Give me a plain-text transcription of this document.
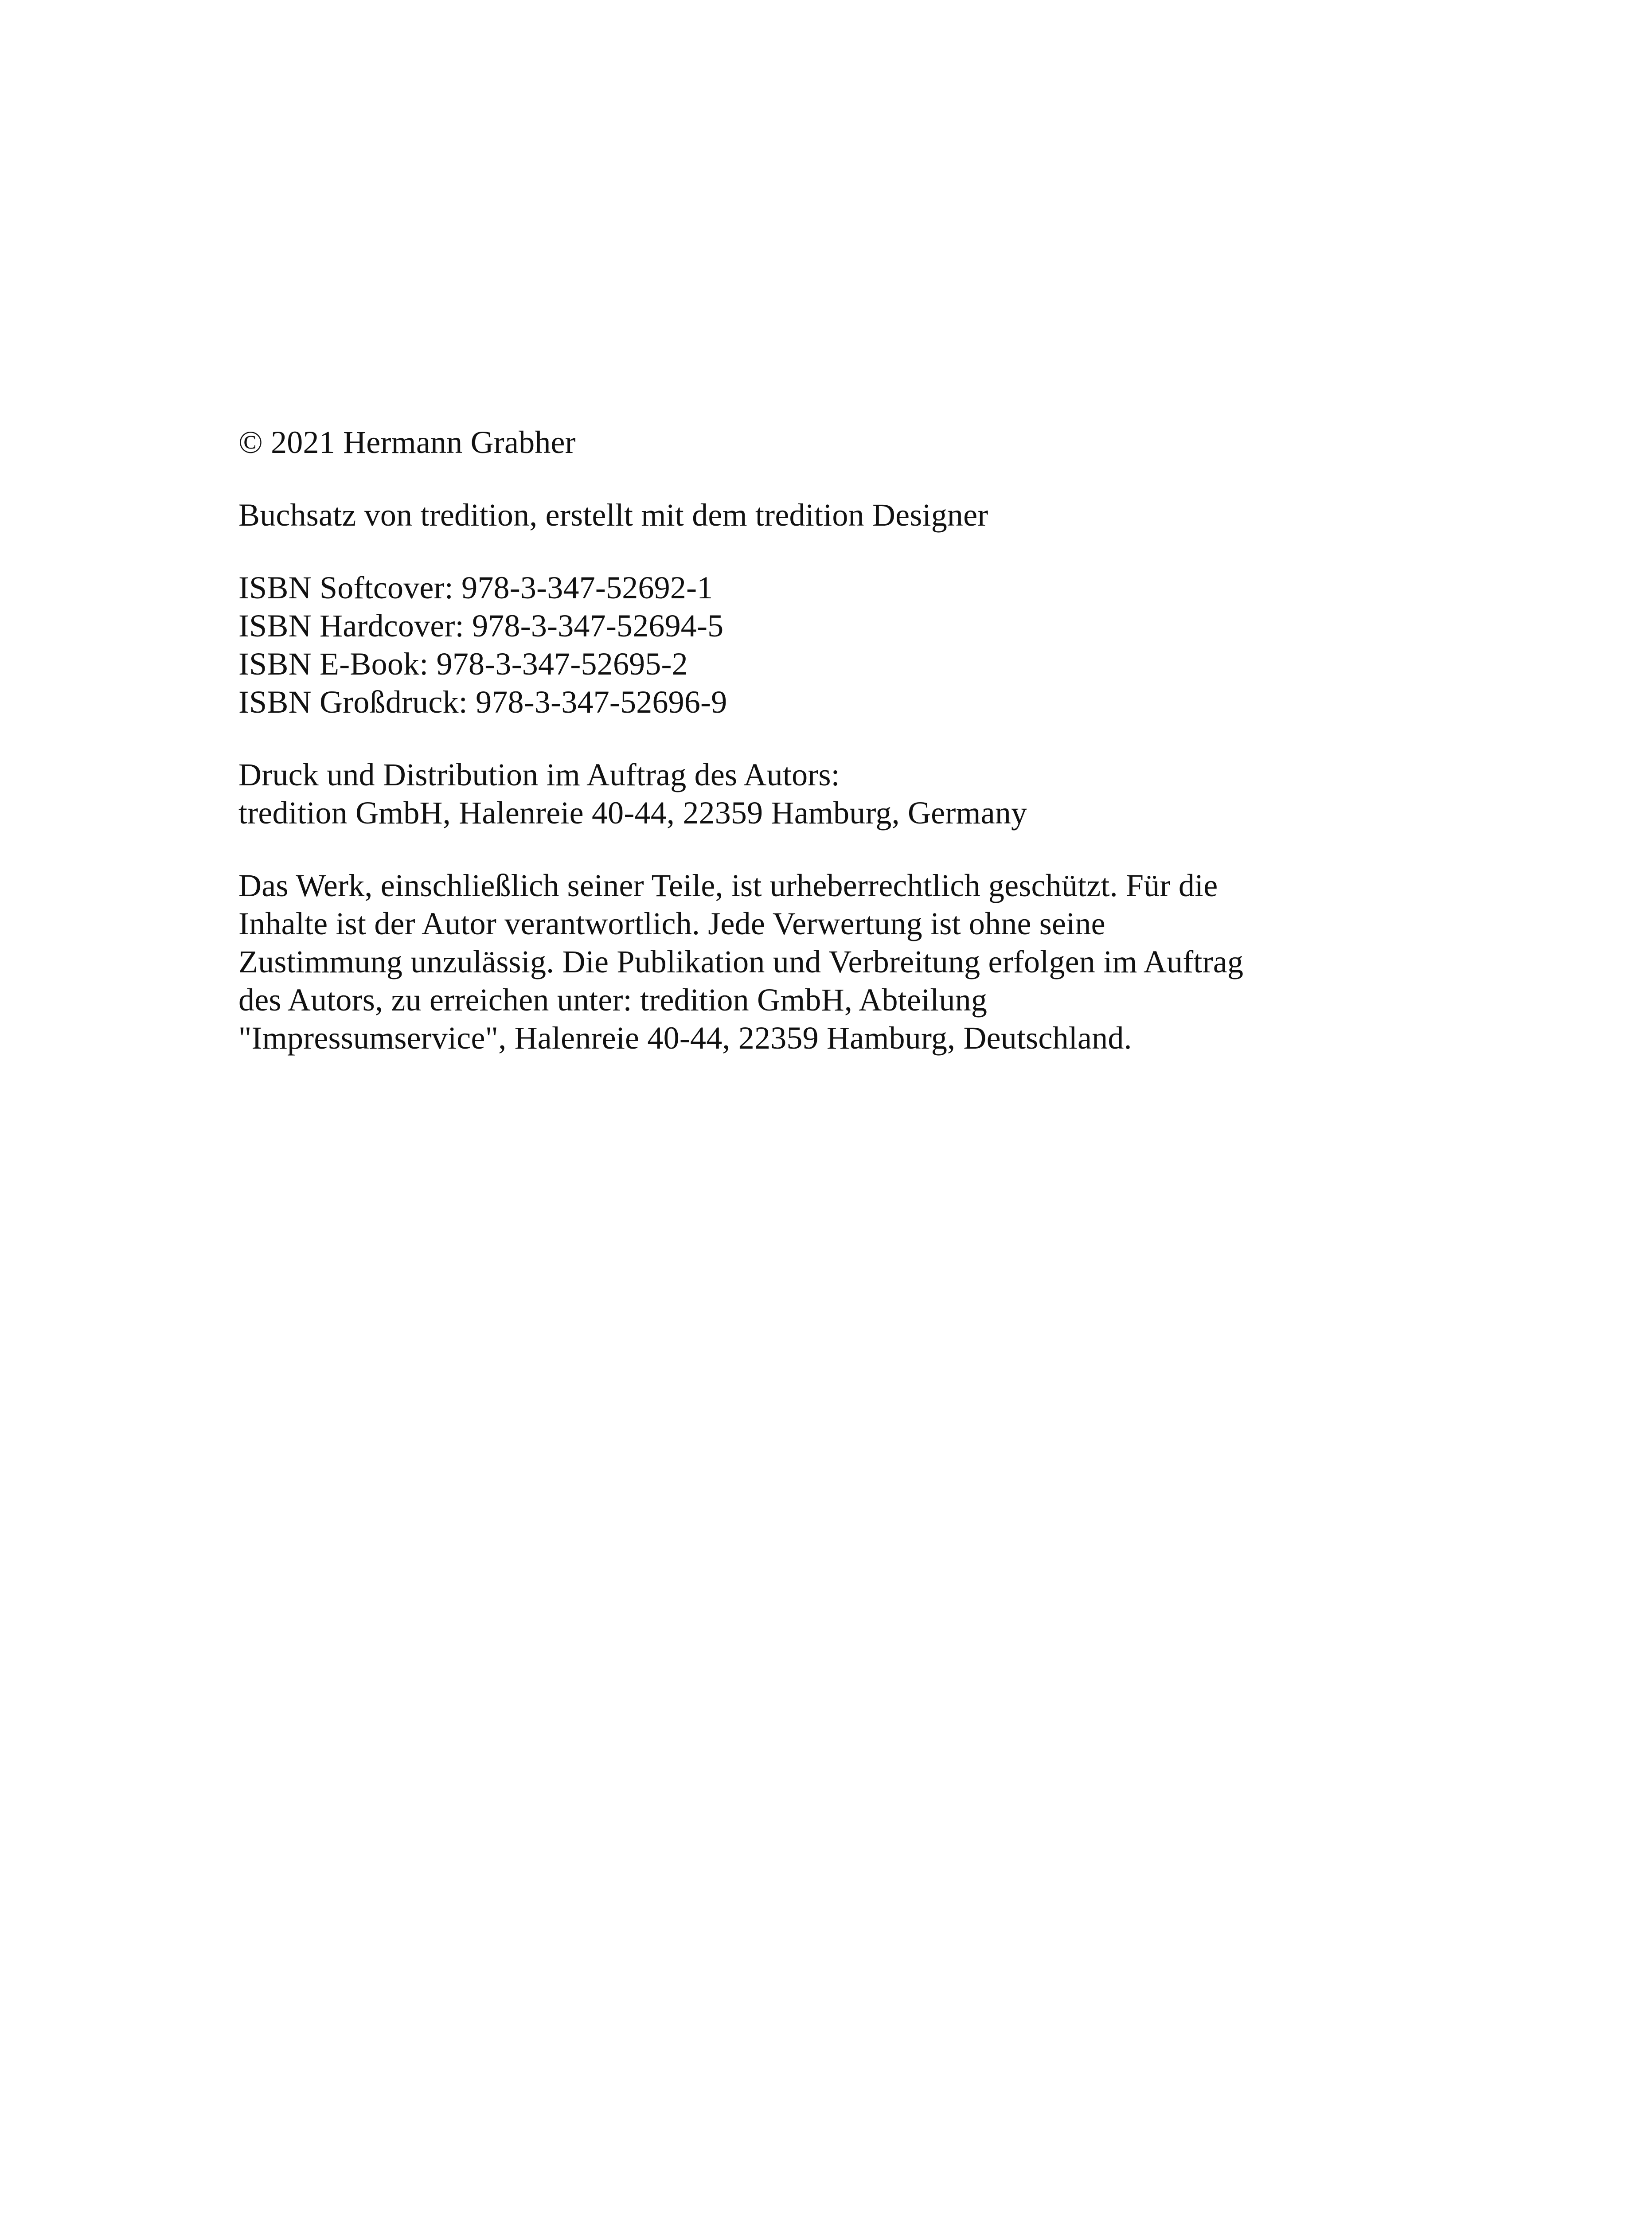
© 2021 Hermann Grabher

Buchsatz von tredition, erstellt mit dem tredition Designer

ISBN Softcover: 978-3-347-52692-1
ISBN Hardcover: 978-3-347-52694-5
ISBN E-Book: 978-3-347-52695-2
ISBN Großdruck: 978-3-347-52696-9

Druck und Distribution im Auftrag des Autors:
tredition GmbH, Halenreie 40-44, 22359 Hamburg, Germany

Das Werk, einschließlich seiner Teile, ist urheberrechtlich geschützt. Für die
Inhalte ist der Autor verantwortlich. Jede Verwertung ist ohne seine
Zustimmung unzulässig. Die Publikation und Verbreitung erfolgen im Auftrag
des Autors, zu erreichen unter: tredition GmbH, Abteilung
"Impressumservice", Halenreie 40-44, 22359 Hamburg, Deutschland.
